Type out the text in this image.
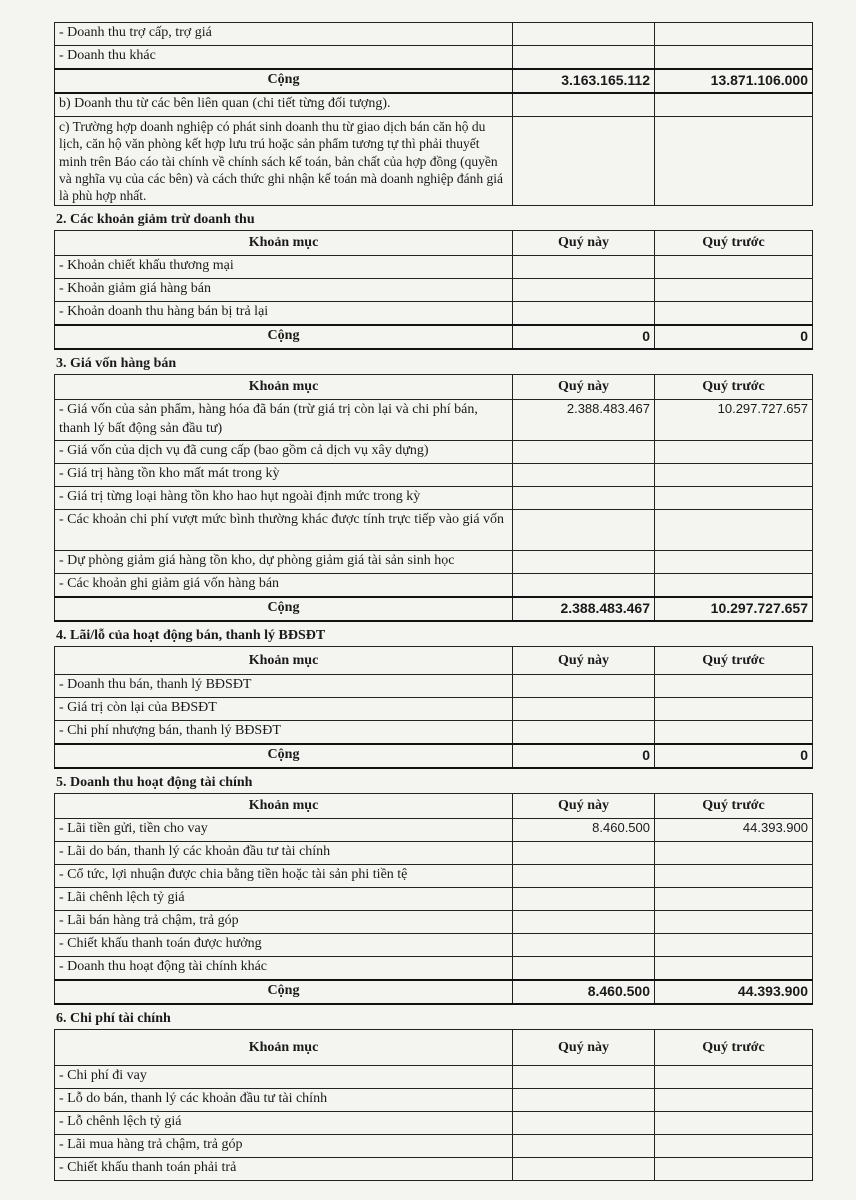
- Doanh thu trợ cấp, trợ giá		
- Doanh thu khác		
Cộng	3.163.165.112	13.871.106.000
b) Doanh thu từ các bên liên quan (chi tiết từng đối tượng).		
c) Trường hợp doanh nghiệp có phát sinh doanh thu từ giao dịch bán căn hộ du lịch, căn hộ văn phòng kết hợp lưu trú hoặc sản phẩm tương tự thì phải thuyết minh trên Báo cáo tài chính về chính sách kế toán, bản chất của hợp đồng (quyền và nghĩa vụ của các bên) và cách thức ghi nhận kế toán mà doanh nghiệp đánh giá là phù hợp nhất.		
2. Các khoản giảm trừ doanh thu
Khoản mục	Quý này	Quý trước
- Khoản chiết khấu thương mại		
- Khoản giảm giá hàng bán		
- Khoản doanh thu hàng bán bị trả lại		
Cộng	0	0
3. Giá vốn hàng bán
Khoản mục	Quý này	Quý trước
- Giá vốn của sản phẩm, hàng hóa đã bán (trừ giá trị còn lại và chi phí bán, thanh lý bất động sản đầu tư)	2.388.483.467	10.297.727.657
- Giá vốn của dịch vụ đã cung cấp (bao gồm cả dịch vụ xây dựng)		
- Giá trị hàng tồn kho mất mát trong kỳ		
- Giá trị từng loại hàng tồn kho hao hụt ngoài định mức trong kỳ		
- Các khoản chi phí vượt mức bình thường khác được tính trực tiếp vào giá vốn		
- Dự phòng giảm giá hàng tồn kho, dự phòng giảm giá tài sản sinh học		
- Các khoản ghi giảm giá vốn hàng bán		
Cộng	2.388.483.467	10.297.727.657
4. Lãi/lỗ của hoạt động bán, thanh lý BĐSĐT
Khoản mục	Quý này	Quý trước
- Doanh thu bán, thanh lý BĐSĐT		
- Giá trị còn lại của BĐSĐT		
- Chi phí nhượng bán, thanh lý BĐSĐT		
Cộng	0	0
5. Doanh thu hoạt động tài chính
Khoản mục	Quý này	Quý trước
- Lãi tiền gửi, tiền cho vay	8.460.500	44.393.900
- Lãi do bán, thanh lý các khoản đầu tư tài chính		
- Cổ tức, lợi nhuận được chia bằng tiền hoặc tài sản phi tiền tệ		
- Lãi chênh lệch tỷ giá		
- Lãi bán hàng trả chậm, trả góp		
- Chiết khấu thanh toán được hưởng		
- Doanh thu hoạt động tài chính khác		
Cộng	8.460.500	44.393.900
6. Chi phí tài chính
Khoản mục	Quý này	Quý trước
- Chi phí đi vay		
- Lỗ do bán, thanh lý các khoản đầu tư tài chính		
- Lỗ chênh lệch tỷ giá		
- Lãi mua hàng trả chậm, trả góp		
- Chiết khấu thanh toán phải trả		
